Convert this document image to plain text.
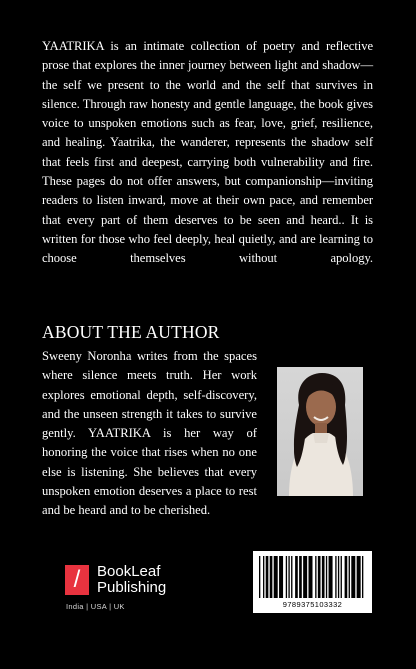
YAATRIKA is an intimate collection of poetry and reflective prose that explores the inner journey between light and shadow—the self we present to the world and the self that survives in silence. Through raw honesty and gentle language, the book gives voice to unspoken emotions such as fear, love, grief, resilience, and healing. Yaatrika, the wanderer, represents the shadow self that feels first and deepest, carrying both vulnerability and fire. These pages do not offer answers, but companionship—inviting readers to listen inward, move at their own pace, and remember that every part of them deserves to be seen and heard.. It is written for those who feel deeply, heal quietly, and are learning to choose themselves without apology.

ABOUT THE AUTHOR

Sweeny Noronha writes from the spaces where silence meets truth. Her work explores emotional depth, self-discovery, and the unseen strength it takes to survive gently. YAATRIKA is her way of honoring the voice that rises when no one else is listening. She believes that every unspoken emotion deserves a place to rest and be heard and to be cherished.

/	BookLeaf
Publishing
India | USA | UK	9789375103332
